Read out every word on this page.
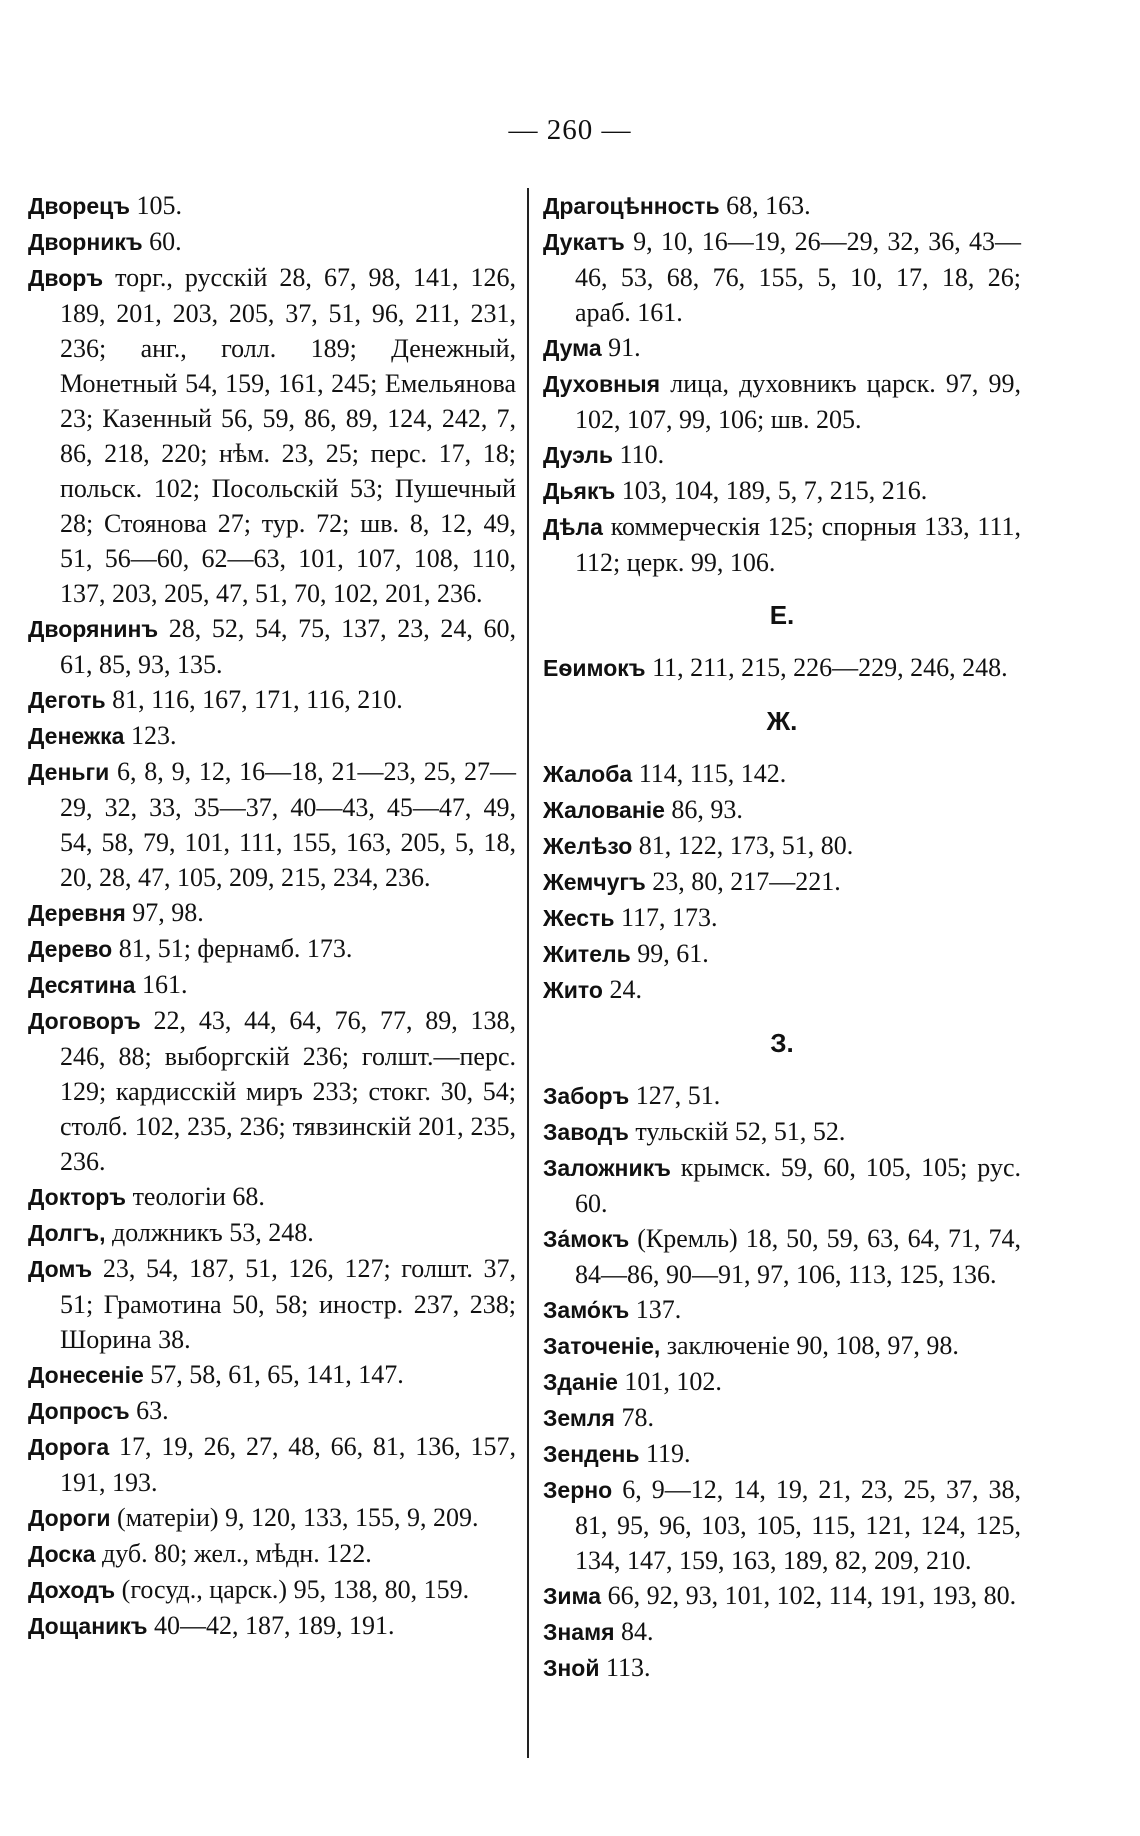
— 260 —
Дворецъ 105.
Дворникъ 60.
Дворъ торг., русскій 28, 67, 98, 141, 126, 189, 201, 203, 205, 37, 51, 96, 211, 231, 236; анг., голл. 189; Денежный, Монетный 54, 159, 161, 245; Емельянова 23; Казенный 56, 59, 86, 89, 124, 242, 7, 86, 218, 220; нѣм. 23, 25; перс. 17, 18; польск. 102; Посольскій 53; Пушечный 28; Стоянова 27; тур. 72; шв. 8, 12, 49, 51, 56—60, 62—63, 101, 107, 108, 110, 137, 203, 205, 47, 51, 70, 102, 201, 236.
Дворянинъ 28, 52, 54, 75, 137, 23, 24, 60, 61, 85, 93, 135.
Деготь 81, 116, 167, 171, 116, 210.
Денежка 123.
Деньги 6, 8, 9, 12, 16—18, 21—23, 25, 27—29, 32, 33, 35—37, 40—43, 45—47, 49, 54, 58, 79, 101, 111, 155, 163, 205, 5, 18, 20, 28, 47, 105, 209, 215, 234, 236.
Деревня 97, 98.
Дерево 81, 51; фернамб. 173.
Десятина 161.
Договоръ 22, 43, 44, 64, 76, 77, 89, 138, 246, 88; выборгскій 236; голшт.—перс. 129; кардисскій миръ 233; стокг. 30, 54; столб. 102, 235, 236; тявзинскій 201, 235, 236.
Докторъ теологіи 68.
Долгъ, должникъ 53, 248.
Домъ 23, 54, 187, 51, 126, 127; голшт. 37, 51; Грамотина 50, 58; иностр. 237, 238; Шорина 38.
Донесеніе 57, 58, 61, 65, 141, 147.
Допросъ 63.
Дорога 17, 19, 26, 27, 48, 66, 81, 136, 157, 191, 193.
Дороги (матеріи) 9, 120, 133, 155, 9, 209.
Доска дуб. 80; жел., мѣдн. 122.
Доходъ (госуд., царск.) 95, 138, 80, 159.
Дощаникъ 40—42, 187, 189, 191.
Драгоцѣнность 68, 163.
Дукатъ 9, 10, 16—19, 26—29, 32, 36, 43—46, 53, 68, 76, 155, 5, 10, 17, 18, 26; араб. 161.
Дума 91.
Духовныя лица, духовникъ царск. 97, 99, 102, 107, 99, 106; шв. 205.
Дуэль 110.
Дьякъ 103, 104, 189, 5, 7, 215, 216.
Дѣла коммерческія 125; спорныя 133, 111, 112; церк. 99, 106.
Е.
Еѳимокъ 11, 211, 215, 226—229, 246, 248.
Ж.
Жалоба 114, 115, 142.
Жалованіе 86, 93.
Желѣзо 81, 122, 173, 51, 80.
Жемчугъ 23, 80, 217—221.
Жесть 117, 173.
Житель 99, 61.
Жито 24.
З.
Заборъ 127, 51.
Заводъ тульскій 52, 51, 52.
Заложникъ крымск. 59, 60, 105, 105; рус. 60.
За́мокъ (Кремль) 18, 50, 59, 63, 64, 71, 74, 84—86, 90—91, 97, 106, 113, 125, 136.
Замо́къ 137.
Заточеніе, заключеніе 90, 108, 97, 98.
Зданіе 101, 102.
Земля 78.
Зендень 119.
Зерно 6, 9—12, 14, 19, 21, 23, 25, 37, 38, 81, 95, 96, 103, 105, 115, 121, 124, 125, 134, 147, 159, 163, 189, 82, 209, 210.
Зима 66, 92, 93, 101, 102, 114, 191, 193, 80.
Знамя 84.
Зной 113.
